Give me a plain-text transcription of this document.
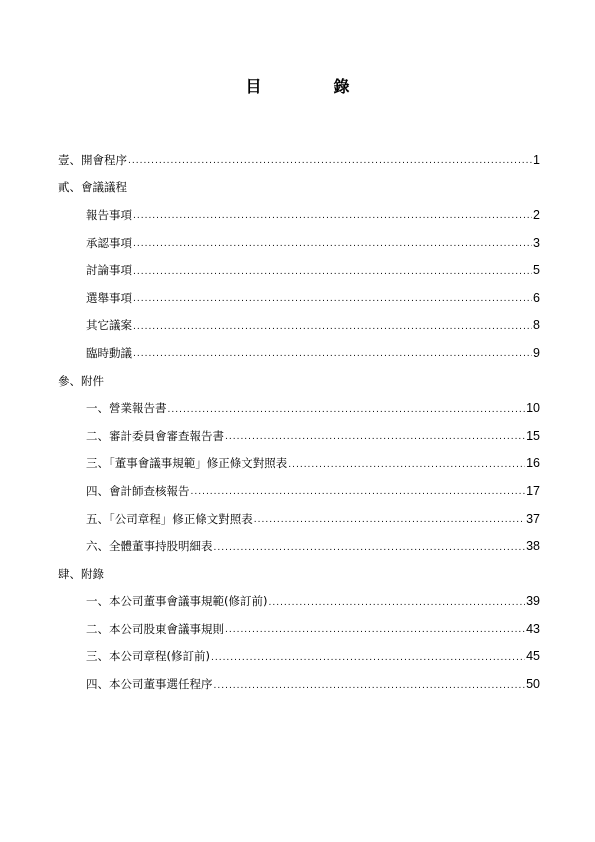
目	錄
壹、開會程序 .....	1
貳、會議議程
報告事項 .....	2
承認事項 .....	3
討論事項 .....	5
選舉事項 .....	6
其它議案 .....	8
臨時動議 .....	9
參、附件
一、營業報告書 .....	10
二、審計委員會審查報告書 .....	15
三、「董事會議事規範」修正條文對照表 .....	16
四、會計師查核報告 .....	17
五、「公司章程」修正條文對照表 .....	37
六、全體董事持股明細表 .....	38
肆、附錄
一、本公司董事會議事規範(修訂前) .....	39
二、本公司股東會議事規則 .....	43
三、本公司章程(修訂前) .....	45
四、本公司董事選任程序 .....	50
